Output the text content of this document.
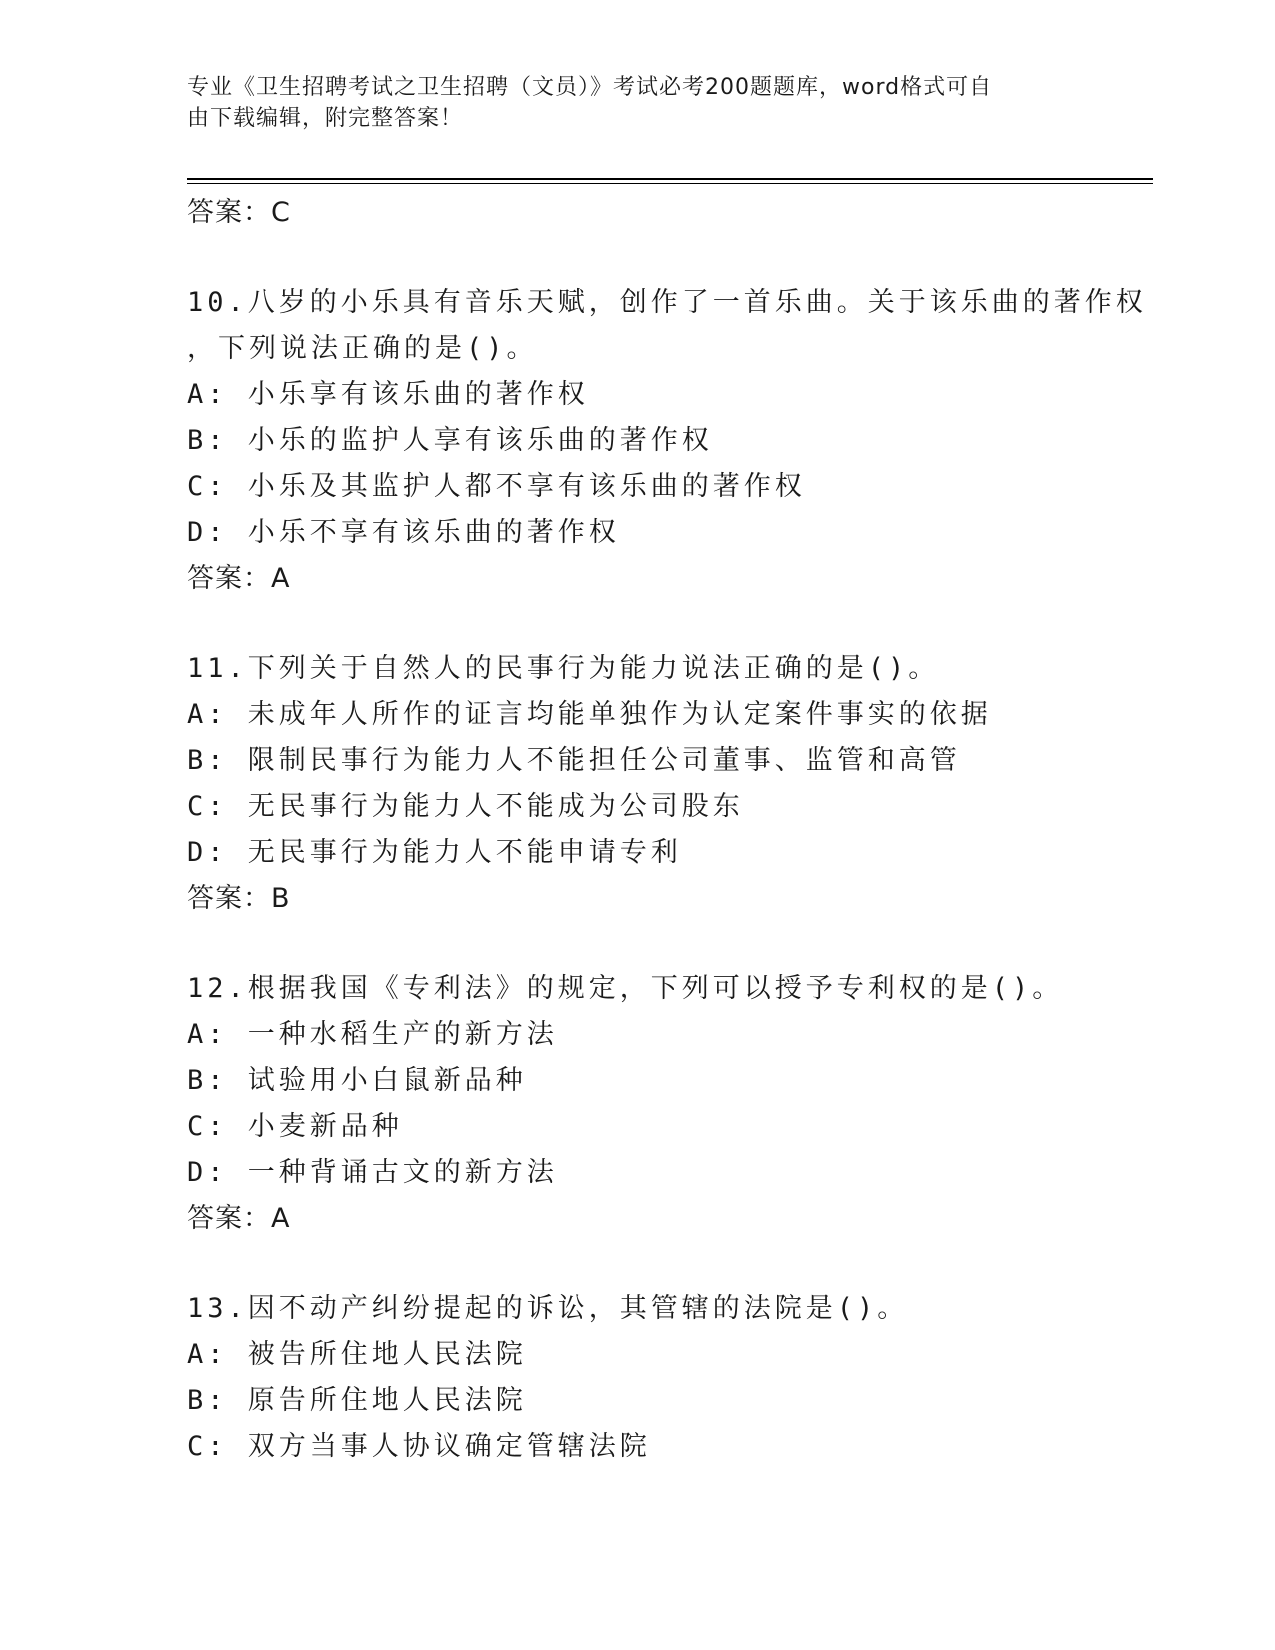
专业《卫生招聘考试之卫生招聘（文员）》考试必考200题题库，word格式可自
由下载编辑，附完整答案！
答案：C
10.八岁的小乐具有音乐天赋，创作了一首乐曲。关于该乐曲的著作权
，下列说法正确的是()。
A: 小乐享有该乐曲的著作权
B: 小乐的监护人享有该乐曲的著作权
C: 小乐及其监护人都不享有该乐曲的著作权
D: 小乐不享有该乐曲的著作权
答案：A
11.下列关于自然人的民事行为能力说法正确的是()。
A: 未成年人所作的证言均能单独作为认定案件事实的依据
B: 限制民事行为能力人不能担任公司董事、监管和高管
C: 无民事行为能力人不能成为公司股东
D: 无民事行为能力人不能申请专利
答案：B
12.根据我国《专利法》的规定，下列可以授予专利权的是()。
A: 一种水稻生产的新方法
B: 试验用小白鼠新品种
C: 小麦新品种
D: 一种背诵古文的新方法
答案：A
13.因不动产纠纷提起的诉讼，其管辖的法院是()。
A: 被告所住地人民法院
B: 原告所住地人民法院
C: 双方当事人协议确定管辖法院
